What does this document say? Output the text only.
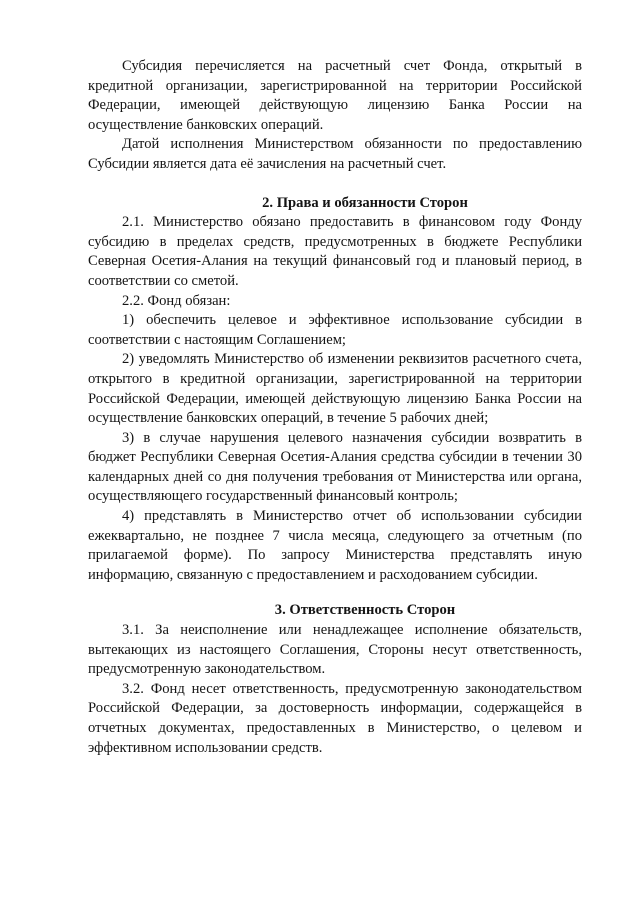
Субсидия перечисляется на расчетный счет Фонда, открытый в кредитной организации, зарегистрированной на территории Российской Федерации, имеющей действующую лицензию Банка России на осуществление банковских операций.

Датой исполнения Министерством обязанности по предоставлению Субсидии является дата её зачисления на расчетный счет.

2. Права и обязанности Сторон

2.1. Министерство обязано предоставить в финансовом году Фонду субсидию в пределах средств, предусмотренных в бюджете Республики Северная Осетия-Алания на текущий финансовый год и плановый период, в соответствии со сметой.

2.2. Фонд обязан:

1) обеспечить целевое и эффективное использование субсидии в соответствии с настоящим Соглашением;

2) уведомлять Министерство об изменении реквизитов расчетного счета, открытого в кредитной организации, зарегистрированной на территории Российской Федерации, имеющей действующую лицензию Банка России на осуществление банковских операций, в течение 5 рабочих дней;

3) в случае нарушения целевого назначения субсидии возвратить в бюджет Республики Северная Осетия-Алания средства субсидии в течении 30 календарных дней со дня получения требования от Министерства или органа, осуществляющего государственный финансовый контроль;

4) представлять в Министерство отчет об использовании субсидии ежеквартально, не позднее 7 числа месяца, следующего за отчетным (по прилагаемой форме). По запросу Министерства представлять иную информацию, связанную с предоставлением и расходованием субсидии.

3. Ответственность Сторон

3.1. За неисполнение или ненадлежащее исполнение обязательств, вытекающих из настоящего Соглашения, Стороны несут ответственность, предусмотренную законодательством.

3.2. Фонд несет ответственность, предусмотренную законодательством Российской Федерации, за достоверность информации, содержащейся в отчетных документах, предоставленных в Министерство, о целевом и эффективном использовании средств.
